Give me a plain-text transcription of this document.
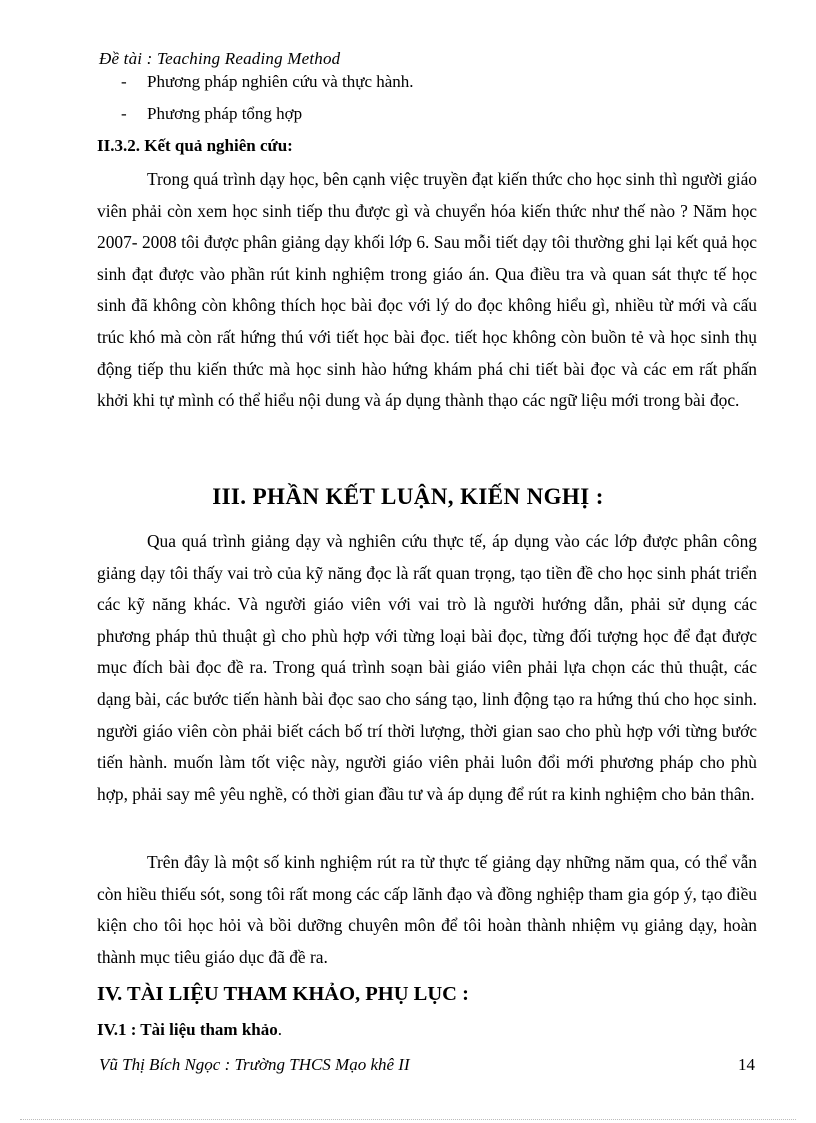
Đề tài : Teaching Reading Method
- Phương pháp nghiên cứu và thực hành.
- Phương pháp tổng hợp
II.3.2. Kết quả nghiên cứu:

Trong quá trình dạy học, bên cạnh việc truyền đạt kiến thức cho học sinh thì người giáo viên phải còn xem học sinh tiếp thu được gì và chuyển hóa kiến thức như thế nào ? Năm học 2007- 2008 tôi được phân giảng dạy khối lớp 6. Sau mỗi tiết dạy tôi thường ghi lại kết quả học sinh đạt được vào phần rút kinh nghiệm trong giáo án. Qua điều tra và quan sát thực tế học sinh đã không còn không thích học bài đọc với lý do đọc không hiểu gì, nhiều từ mới và cấu trúc khó mà còn rất hứng thú với tiết học bài đọc. tiết học không còn buồn tẻ và học sinh thụ động tiếp thu kiến thức mà học sinh hào hứng khám phá chi tiết bài đọc và các em rất phấn khởi khi tự mình có thể hiểu nội dung và áp dụng thành thạo các ngữ liệu mới trong bài đọc.

III. PHẦN KẾT LUẬN, KIẾN NGHỊ :

Qua quá trình giảng dạy và nghiên cứu thực tế, áp dụng vào các lớp được phân công giảng dạy tôi thấy vai trò của kỹ năng đọc là rất quan trọng, tạo tiền đề cho học sinh phát triển các kỹ năng khác. Và người giáo viên với vai trò là người hướng dẫn, phải sử dụng các phương pháp thủ thuật gì cho phù hợp với từng loại bài đọc, từng đối tượng học để đạt được mục đích bài đọc đề ra. Trong quá trình soạn bài giáo viên phải lựa chọn các thủ thuật, các dạng bài, các bước tiến hành bài đọc sao cho sáng tạo, linh động tạo ra hứng thú cho học sinh. người giáo viên còn phải biết cách bố trí thời lượng, thời gian sao cho phù hợp với từng bước tiến hành. muốn làm tốt việc này, người giáo viên phải luôn đổi mới phương pháp cho phù hợp, phải say mê yêu nghề, có thời gian đầu tư và áp dụng để rút ra kinh nghiệm cho bản thân.

Trên đây là một số kinh nghiệm rút ra từ thực tế giảng dạy những năm qua, có thể vẫn còn hiều thiếu sót, song tôi rất mong các cấp lãnh đạo và đồng nghiệp tham gia góp ý, tạo điều kiện cho tôi học hỏi và bồi dưỡng chuyên môn để tôi hoàn thành nhiệm vụ giảng dạy, hoàn thành mục tiêu giáo dục đã đề ra.

IV. TÀI LIỆU THAM KHẢO, PHỤ LỤC :
IV.1 : Tài liệu tham khảo.
Vũ Thị Bích Ngọc : Trường THCS Mạo khê II	14
